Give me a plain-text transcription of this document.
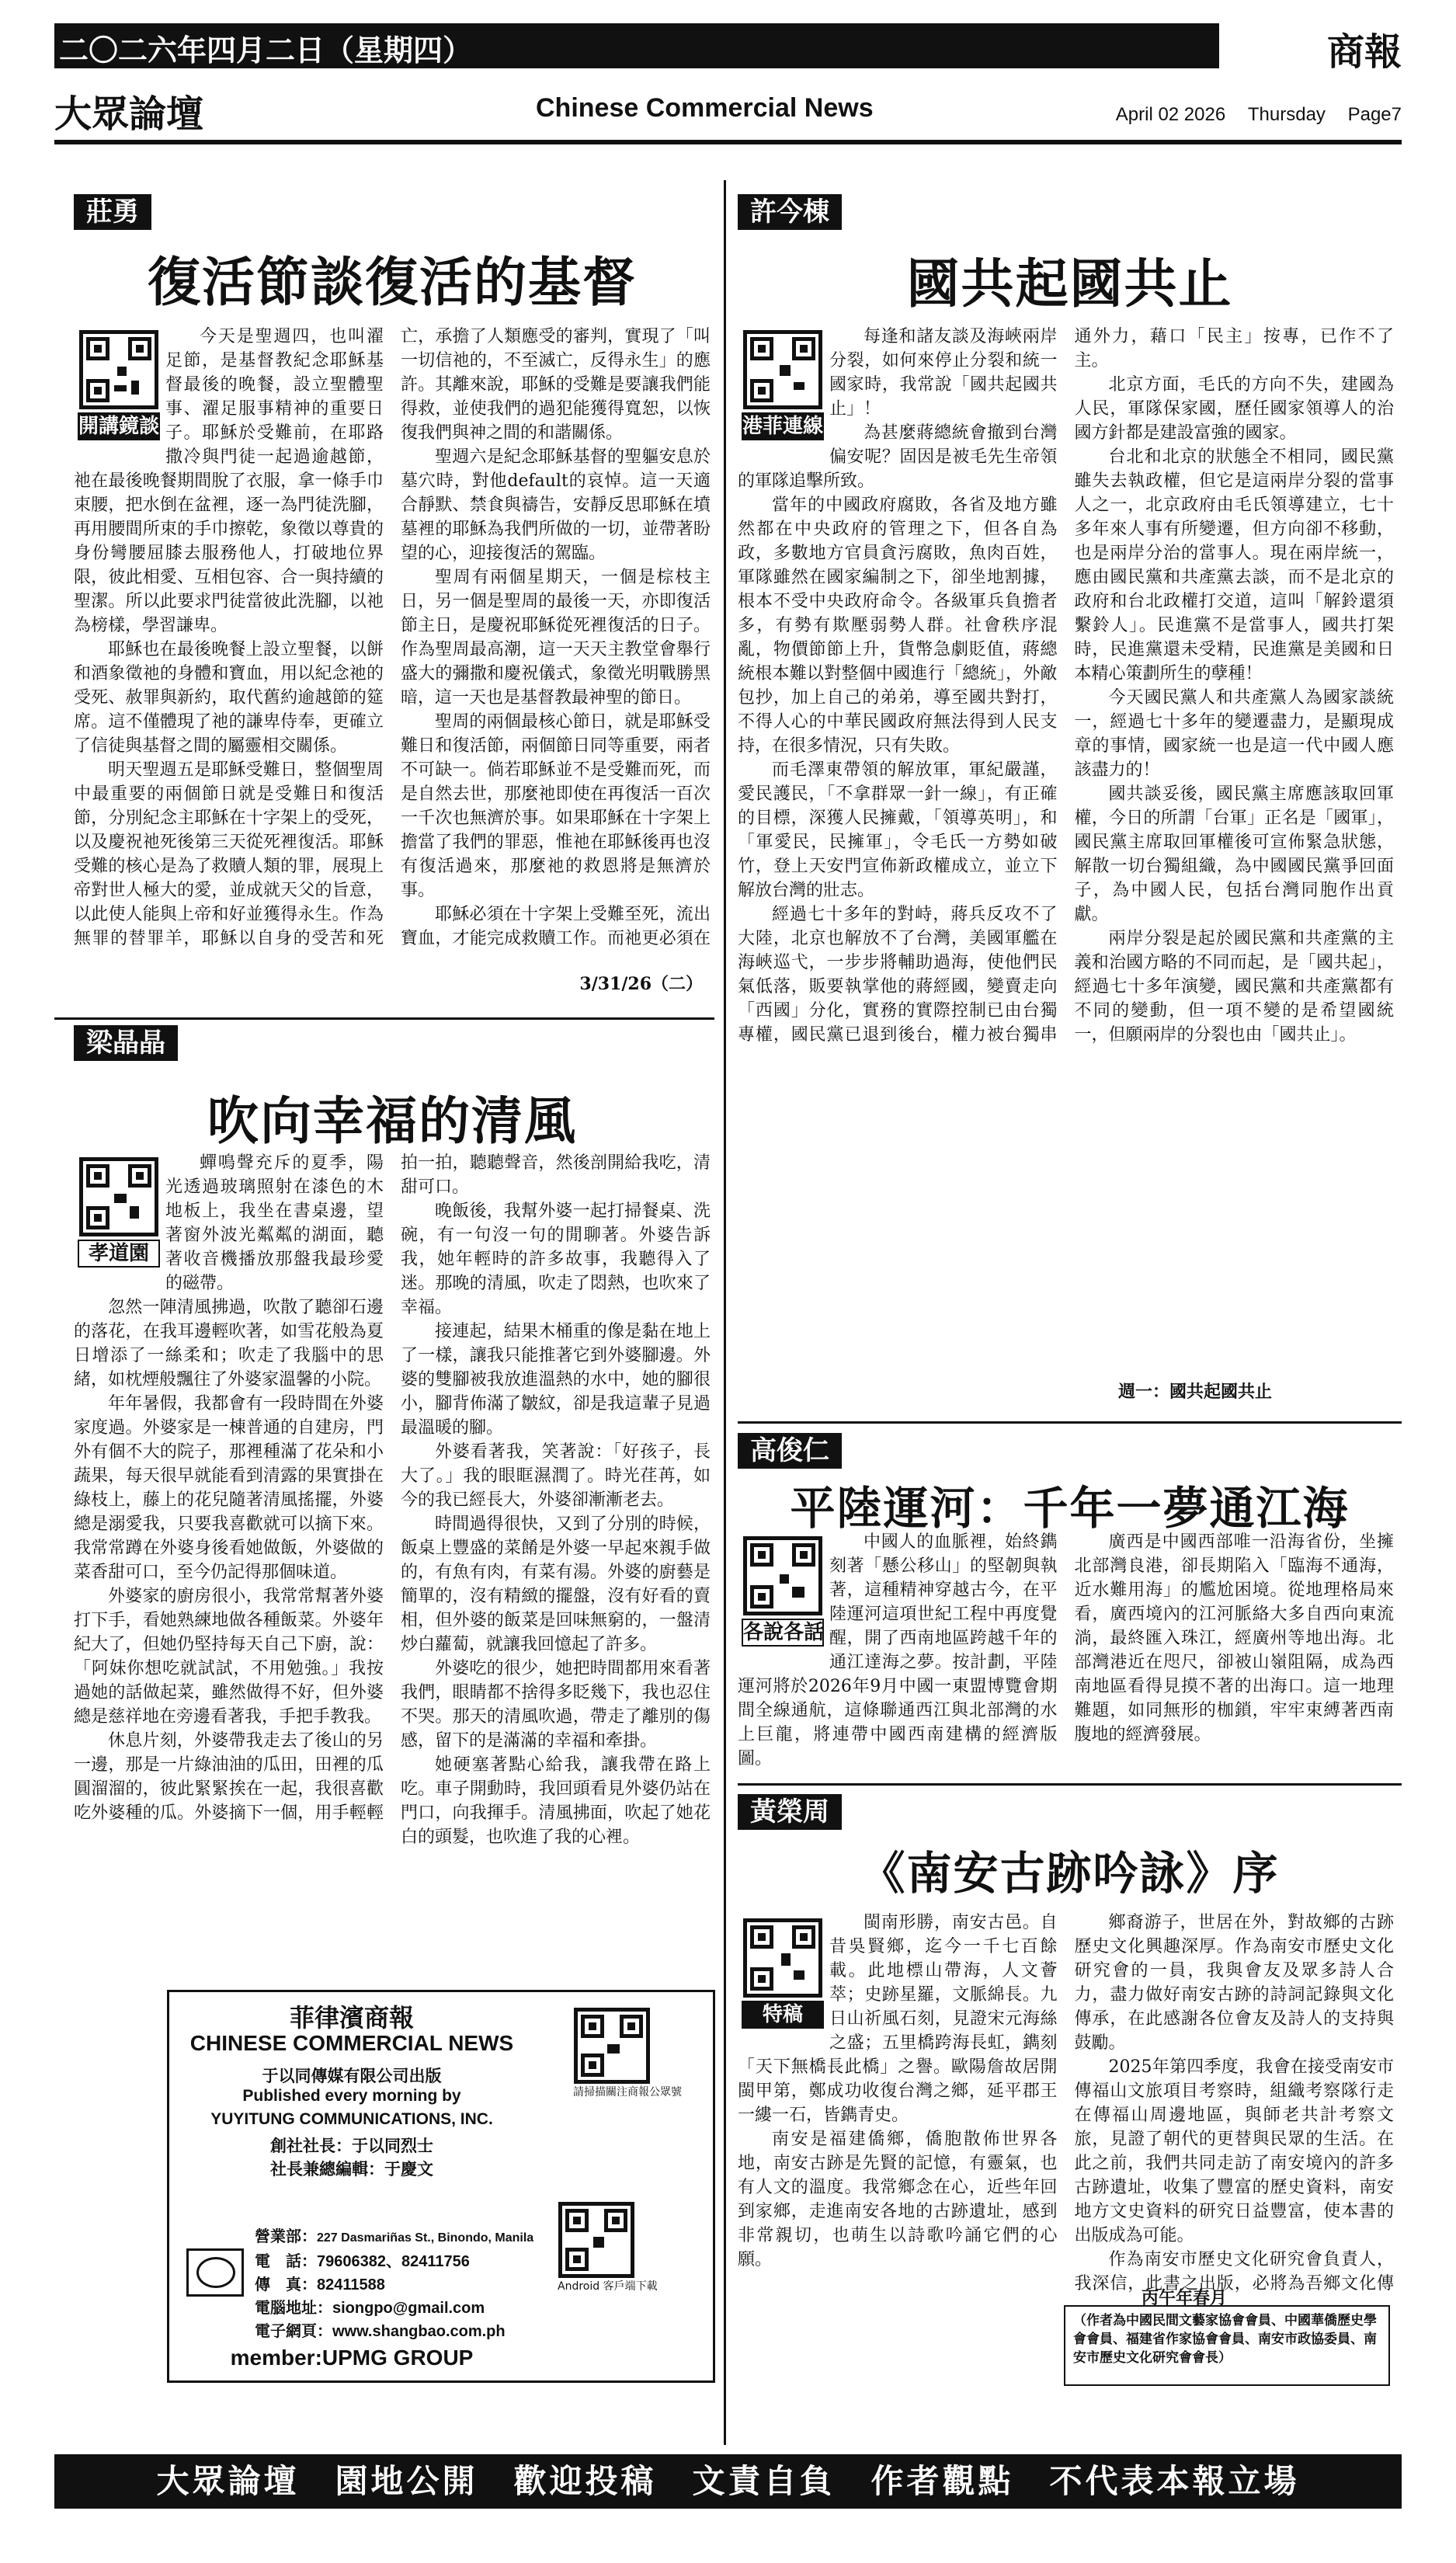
二〇二六年四月二日（星期四）	商報
大眾論壇	Chinese Commercial News	April 02 2026 Thursday Page7
莊勇
復活節談復活的基督
開講鏡談

今天是聖週四，也叫濯足節，是基督教紀念耶穌基督最後的晚餐，設立聖體聖事、濯足服事精神的重要日子。耶穌於受難前，在耶路撒冷與門徒一起過逾越節，祂在最後晚餐期間脫了衣服，拿一條手巾束腰，把水倒在盆裡，逐一為門徒洗腳，再用腰間所束的手巾擦乾，象徵以尊貴的身份彎腰屈膝去服務他人，打破地位界限，彼此相愛、互相包容、合一與持續的聖潔。所以此要求門徒當彼此洗腳，以祂為榜樣，學習謙卑。

耶穌也在最後晚餐上設立聖餐，以餅和酒象徵祂的身體和寶血，用以紀念祂的受死、赦罪與新約，取代舊約逾越節的筵席。這不僅體現了祂的謙卑侍奉，更確立了信徒與基督之間的屬靈相交關係。

明天聖週五是耶穌受難日，整個聖周中最重要的兩個節日就是受難日和復活節，分別紀念主耶穌在十字架上的受死，以及慶祝祂死後第三天從死裡復活。耶穌受難的核心是為了救贖人類的罪，展現上帝對世人極大的愛，並成就天父的旨意，以此使人能與上帝和好並獲得永生。作為無罪的替罪羊，耶穌以自身的受苦和死亡，承擔了人類應受的審判，實現了「叫一切信祂的，不至滅亡，反得永生」的應許。其離來說，耶穌的受難是要讓我們能得救，並使我們的過犯能獲得寬恕，以恢復我們與神之間的和諧關係。

聖週六是紀念耶穌基督的聖軀安息於墓穴時，對他default的哀悼。這一天適合靜默、禁食與禱告，安靜反思耶穌在墳墓裡的耶穌為我們所做的一切，並帶著盼望的心，迎接復活的駕臨。

聖周有兩個星期天，一個是棕枝主日，另一個是聖周的最後一天，亦即復活節主日，是慶祝耶穌從死裡復活的日子。作為聖周最高潮，這一天天主教堂會舉行盛大的彌撒和慶祝儀式，象徵光明戰勝黑暗，這一天也是基督教最神聖的節日。

聖周的兩個最核心節日，就是耶穌受難日和復活節，兩個節日同等重要，兩者不可缺一。倘若耶穌並不是受難而死，而是自然去世，那麼祂即使在再復活一百次一千次也無濟於事。如果耶穌在十字架上擔當了我們的罪惡，惟祂在耶穌後再也沒有復活過來，那麼祂的救恩將是無濟於事。

耶穌必須在十字架上受難至死，流出寶血，才能完成救贖工作。而祂更必須在

3/31/26（二）
許今棟
國共起國共止
港菲連線

每逢和諸友談及海峽兩岸分裂，如何來停止分裂和統一國家時，我常說「國共起國共止」！

為甚麼蔣總統會撤到台灣偏安呢？固因是被毛先生帝領的軍隊追擊所致。

當年的中國政府腐敗，各省及地方雖然都在中央政府的管理之下，但各自為政，多數地方官員貪污腐敗，魚肉百姓，軍隊雖然在國家編制之下，卻坐地割據，根本不受中央政府命令。各級軍兵負擔者多，有勢有欺壓弱勢人群。社會秩序混亂，物價節節上升，貨幣急劇貶值，蔣總統根本難以對整個中國進行「總統」，外敵包抄，加上自己的弟弟，導至國共對打，不得人心的中華民國政府無法得到人民支持，在很多情況，只有失敗。

而毛澤東帶領的解放軍，軍紀嚴謹，愛民護民，「不拿群眾一針一線」，有正確的目標，深獲人民擁戴，「領導英明」，和「軍愛民，民擁軍」，令毛氏一方勢如破竹，登上天安門宣佈新政權成立，並立下解放台灣的壯志。

經過七十多年的對峙，蔣兵反攻不了大陸，北京也解放不了台灣，美國軍艦在海峽巡弋，一步步將輔助過海，使他們民氣低落，販要執掌他的蔣經國，變賣走向「西國」分化，實務的實際控制已由台獨專權，國民黨已退到後台，權力被台獨串通外力，藉口「民主」按專，已作不了主。

北京方面，毛氏的方向不失，建國為人民，軍隊保家國，歷任國家領導人的治國方針都是建設富強的國家。

台北和北京的狀態全不相同，國民黨雖失去執政權，但它是這兩岸分裂的當事人之一，北京政府由毛氏領導建立，七十多年來人事有所變遷，但方向卻不移動，也是兩岸分治的當事人。現在兩岸統一，應由國民黨和共產黨去談，而不是北京的政府和台北政權打交道，這叫「解鈴還須繫鈴人」。民進黨不是當事人，國共打架時，民進黨還未受精，民進黨是美國和日本精心策劃所生的孽種！

今天國民黨人和共產黨人為國家談統一，經過七十多年的變遷盡力，是顯現成章的事情，國家統一也是這一代中國人應該盡力的！

國共談妥後，國民黨主席應該取回軍權，今日的所謂「台軍」正名是「國軍」，國民黨主席取回軍權後可宣佈緊急狀態，解散一切台獨組織，為中國國民黨爭回面子，為中國人民，包括台灣同胞作出貢獻。

兩岸分裂是起於國民黨和共產黨的主義和治國方略的不同而起，是「國共起」，經過七十多年演變，國民黨和共產黨都有不同的變動，但一項不變的是希望國統一，但願兩岸的分裂也由「國共止」。

週一：國共起國共止
高俊仁
平陸運河：千年一夢通江海
各說各話

中國人的血脈裡，始終鐫刻著「懸公移山」的堅韌與執著，這種精神穿越古今，在平陸運河這項世紀工程中再度覺醒，開了西南地區跨越千年的通江達海之夢。按計劃，平陸運河將於2026年9月中國一東盟博覽會期間全線通航，這條聯通西江與北部灣的水上巨龍，將連帶中國西南建構的經濟版圖。

廣西是中國西部唯一沿海省份，坐擁北部灣良港，卻長期陷入「臨海不通海，近水難用海」的尷尬困境。從地理格局來看，廣西境內的江河脈絡大多自西向東流淌，最終匯入珠江，經廣州等地出海。北部灣港近在咫尺，卻被山嶺阻隔，成為西南地區看得見摸不著的出海口。這一地理難題，如同無形的枷鎖，牢牢束縛著西南腹地的經濟發展。

黃榮周
《南安古跡吟詠》序
特稿

閩南形勝，南安古邑。自昔吳賢鄉，迄今一千七百餘載。此地標山帶海，人文薈萃；史跡星羅，文脈綿長。九日山祈風石刻，見證宋元海絲之盛；五里橋跨海長虹，鐫刻「天下無橋長此橋」之譽。歐陽詹故居開閩甲第，鄭成功收復台灣之鄉，延平郡王一縷一石，皆鐫青史。

南安是福建僑鄉，僑胞散佈世界各地，南安古跡是先賢的記憶，有靈氣，也有人文的溫度。我常鄉念在心，近些年回到家鄉，走進南安各地的古跡遺址，感到非常親切，也萌生以詩歌吟誦它們的心願。

鄉裔游子，世居在外，對故鄉的古跡歷史文化興趣深厚。作為南安市歷史文化研究會的一員，我與會友及眾多詩人合力，盡力做好南安古跡的詩詞記錄與文化傳承，在此感謝各位會友及詩人的支持與鼓勵。

2025年第四季度，我會在接受南安市傳福山文旅項目考察時，組織考察隊行走在傳福山周邊地區，與師老共計考察文旅，見證了朝代的更替與民眾的生活。在此之前，我們共同走訪了南安境內的許多古跡遺址，收集了豐富的歷史資料，南安地方文史資料的研究日益豐富，使本書的出版成為可能。

作為南安市歷史文化研究會負責人，我深信，此書之出版，必將為吾鄉文化傳

丙午年春月
（作者為中國民間文藝家協會會員、中國華僑歷史學會會員、福建省作家協會會員、南安市政協委員、南安市歷史文化研究會會長）
梁晶晶
吹向幸福的清風
孝道園

蟬鳴聲充斥的夏季，陽光透過玻璃照射在漆色的木地板上，我坐在書桌邊，望著窗外波光粼粼的湖面，聽著收音機播放那盤我最珍愛的磁帶。

忽然一陣清風拂過，吹散了聽卻石邊的落花，在我耳邊輕吹著，如雪花般為夏日增添了一絲柔和；吹走了我腦中的思緒，如枕煙般飄往了外婆家溫馨的小院。

年年暑假，我都會有一段時間在外婆家度過。外婆家是一棟普通的自建房，門外有個不大的院子，那裡種滿了花朵和小蔬果，每天很早就能看到清露的果實掛在綠枝上，藤上的花兒隨著清風搖擺，外婆總是溺愛我，只要我喜歡就可以摘下來。我常常蹲在外婆身後看她做飯，外婆做的菜香甜可口，至今仍記得那個味道。

外婆家的廚房很小，我常常幫著外婆打下手，看她熟練地做各種飯菜。外婆年紀大了，但她仍堅持每天自己下廚，說：「阿妹你想吃就試試，不用勉強。」我按過她的話做起菜，雖然做得不好，但外婆總是慈祥地在旁邊看著我，手把手教我。

休息片刻，外婆帶我走去了後山的另一邊，那是一片綠油油的瓜田，田裡的瓜圓溜溜的，彼此緊緊挨在一起，我很喜歡吃外婆種的瓜。外婆摘下一個，用手輕輕拍一拍，聽聽聲音，然後剖開給我吃，清甜可口。

晚飯後，我幫外婆一起打掃餐桌、洗碗，有一句沒一句的閒聊著。外婆告訴我，她年輕時的許多故事，我聽得入了迷。那晚的清風，吹走了悶熱，也吹來了幸福。

接連起，結果木桶重的像是黏在地上了一樣，讓我只能推著它到外婆腳邊。外婆的雙腳被我放進溫熱的水中，她的腳很小，腳背佈滿了皺紋，卻是我這輩子見過最溫暖的腳。

外婆看著我，笑著說：「好孩子，長大了。」我的眼眶濕潤了。時光荏苒，如今的我已經長大，外婆卻漸漸老去。

時間過得很快，又到了分別的時候，飯桌上豐盛的菜餚是外婆一早起來親手做的，有魚有肉，有菜有湯。外婆的廚藝是簡單的，沒有精緻的擺盤，沒有好看的賣相，但外婆的飯菜是回味無窮的，一盤清炒白蘿蔔，就讓我回憶起了許多。

外婆吃的很少，她把時間都用來看著我們，眼睛都不捨得多眨幾下，我也忍住不哭。那天的清風吹過，帶走了離別的傷感，留下的是滿滿的幸福和牽掛。

她硬塞著點心給我，讓我帶在路上吃。車子開動時，我回頭看見外婆仍站在門口，向我揮手。清風拂面，吹起了她花白的頭髮，也吹進了我的心裡。

菲律濱商報
CHINESE COMMERCIAL NEWS
于以同傳媒有限公司出版
Published every morning by
YUYITUNG COMMUNICATIONS, INC.
創社社長：于以同烈士
社長兼總編輯：于慶文
營業部：227 Dasmariñas St., Binondo, Manila
電　話：79606382、82411756
傳　真：82411588
電腦地址：siongpo@gmail.com
電子網頁：www.shangbao.com.ph
member:UPMG GROUP
Android 客戶端下載
請掃描關注商報公眾號
大眾論壇　園地公開　歡迎投稿　文責自負　作者觀點　不代表本報立場
